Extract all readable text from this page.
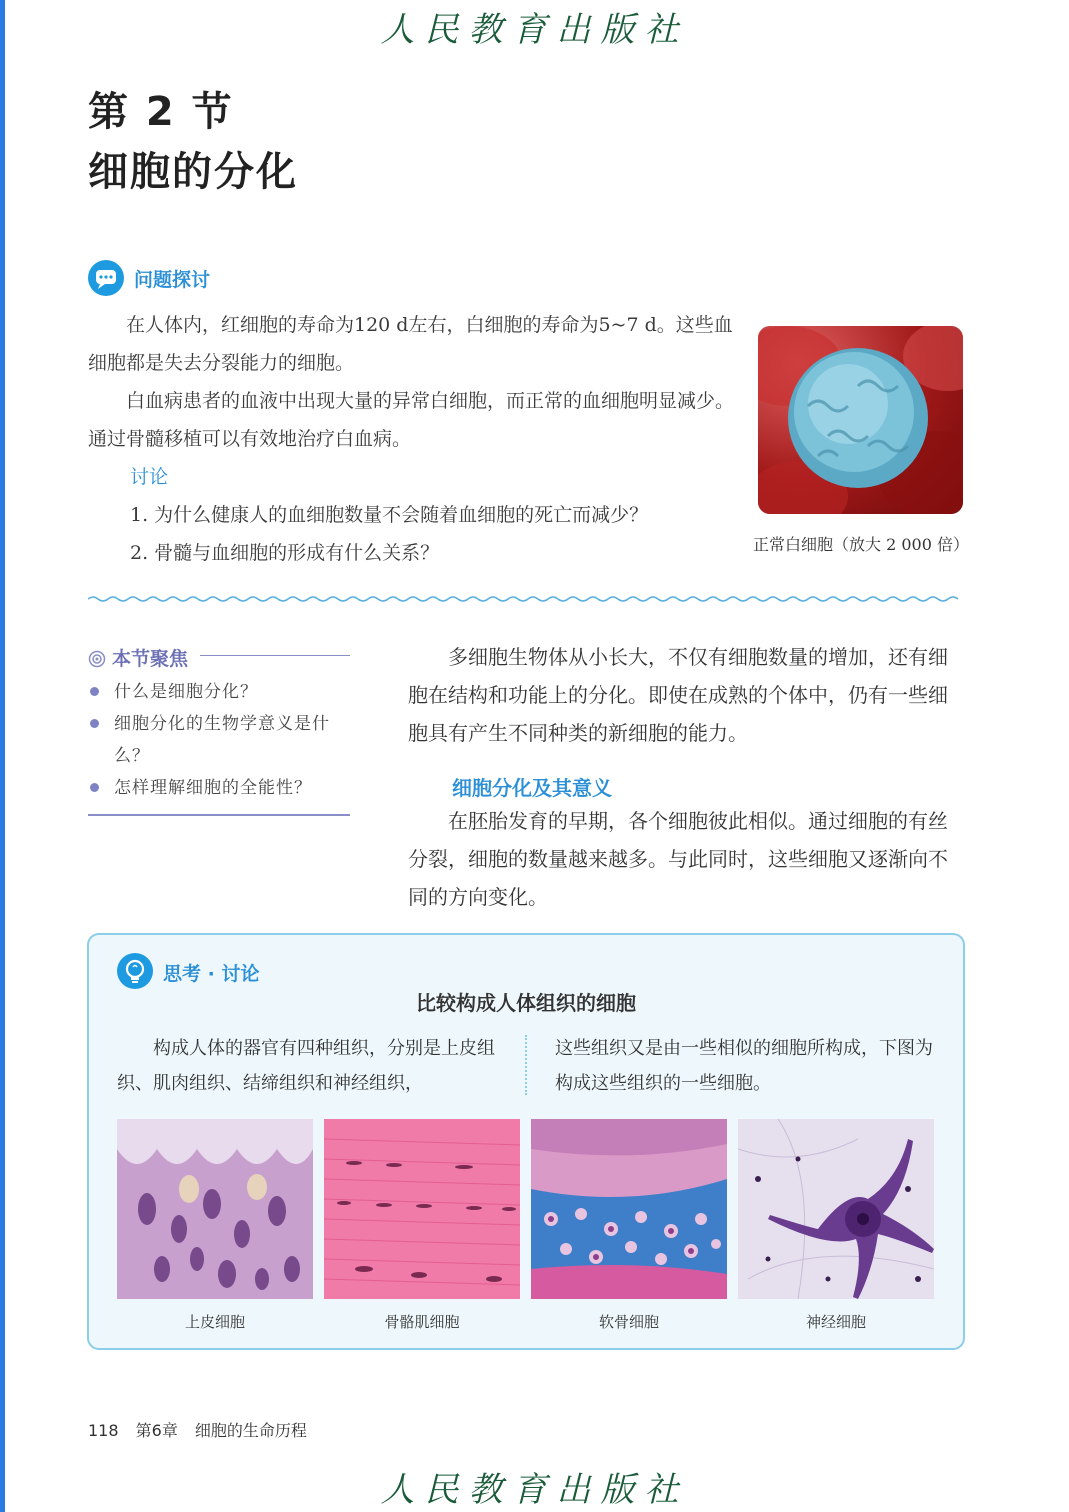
人民教育出版社
第 2 节
细胞的分化
问题探讨

在人体内，红细胞的寿命为120 d左右，白细胞的寿命为5~7 d。这些血细胞都是失去分裂能力的细胞。

白血病患者的血液中出现大量的异常白细胞，而正常的血细胞明显减少。通过骨髓移植可以有效地治疗白血病。

讨论

1. 为什么健康人的血细胞数量不会随着血细胞的死亡而减少？

2. 骨髓与血细胞的形成有什么关系？	正常白细胞（放大 2 000 倍）
本节聚焦
什么是细胞分化？
细胞分化的生物学意义是什么？
怎样理解细胞的全能性？
多细胞生物体从小长大，不仅有细胞数量的增加，还有细胞在结构和功能上的分化。即使在成熟的个体中，仍有一些细胞具有产生不同种类的新细胞的能力。
细胞分化及其意义
在胚胎发育的早期，各个细胞彼此相似。通过细胞的有丝分裂，细胞的数量越来越多。与此同时，这些细胞又逐渐向不同的方向变化。
思考 · 讨论
比较构成人体组织的细胞
构成人体的器官有四种组织，分别是上皮组织、肌肉组织、结缔组织和神经组织，
这些组织又是由一些相似的细胞所构成，下图为构成这些组织的一些细胞。
上皮细胞	骨骼肌细胞	软骨细胞	神经细胞
118 第6章 细胞的生命历程
人民教育出版社
